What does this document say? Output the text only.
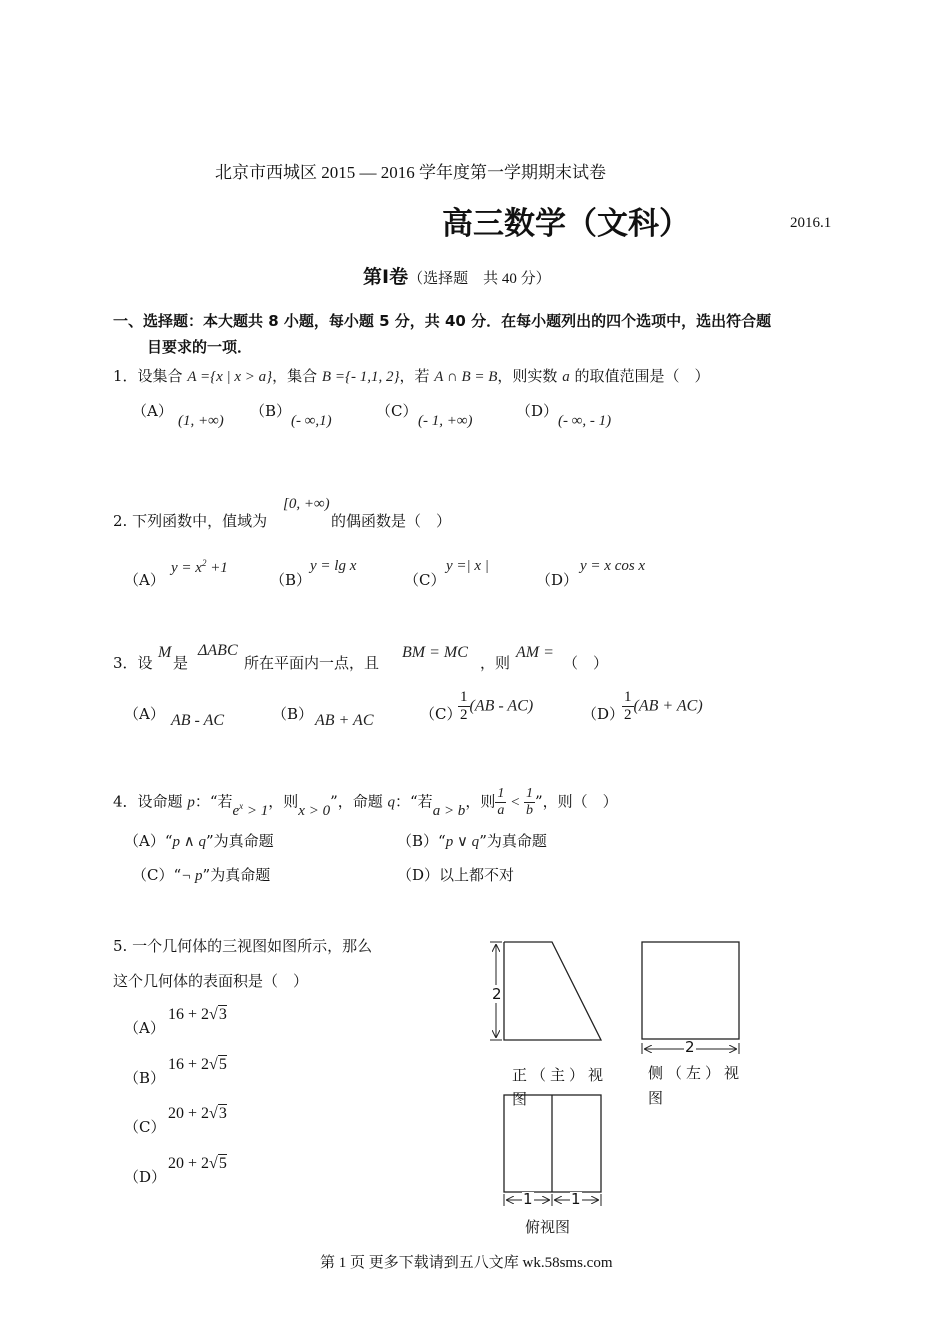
北京市西城区 2015 — 2016 学年度第一学期期末试卷
高三数学（文科）	2016.1
第Ⅰ卷（选择题　共 40 分）
一、选择题：本大题共 8 小题，每小题 5 分，共 40 分．在每小题列出的四个选项中，选出符合题
目要求的一项．
1．设集合 A ={x | x > a}，集合 B ={- 1,1, 2}，若 A ∩ B = B，则实数 a 的取值范围是（　）
（A）
(1, +∞)
（B）
(- ∞,1)
（C）
(- 1, +∞)
（D）
(- ∞, - 1)
2. 下列函数中，值域为
[0, +∞)
的偶函数是（　）
（A）
$y = x^2 +1$
（B）
y = lg x
（C）
y =| x |
（D）
y = x cos x
3．设
M
是
ΔABC
所在平面内一点，且
BM = MC
，则
AM =
（　）
（A） AB - AC	（B） AB + AC	（C）
$\frac{1}{2} (AB - AC)$	（D）
$\frac{1}{2} (AB + AC)$
4．设命题 p：“若$e^x > 1$，则x > 0”，命题 q：“若a > b，则 $\frac{1}{a} < \frac{1}{b}$ ”，则（　）
（A）“p ∧ q”为真命题	（B）“p ∨ q”为真命题
（C）“¬ p”为真命题	（D）以上都不对
5. 一个几何体的三视图如图所示，那么
这个几何体的表面积是（　）
（A）
16 + 2√3
（B）
16 + 2√5
（C）
20 + 2√3
（D）
20 + 2√5
2
2
1	1
正（主）视
图
侧（左）视
图
俯视图
第 1 页 更多下载请到五八文库 wk.58sms.com
